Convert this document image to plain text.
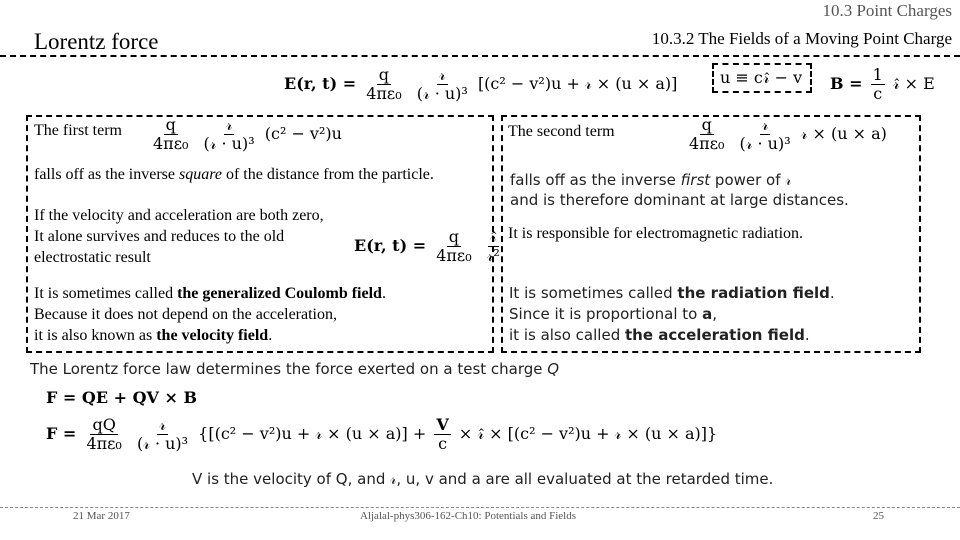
10.3 Point Charges
10.3.2 The Fields of a Moving Point Charge
Lorentz force
E(r, $t) = \frac{q}{\text{4πε₀}}$
$\frac{\text{𝓇}}{\text{(𝓇 · u)³}} [(c^2 - v^2)u$ + 𝓇 × (u × a)]	u ≡ c𝓇̂ − v $B = \frac{1}{c}$ 𝓇̂ × E
The first term $\frac{q}{\text{4πε₀}}$
$\frac{\text{𝓇}}{\text{(𝓇 · u)³}} (c^2 - v^2)u$
falls off as the inverse square of the distance from the particle.
If the velocity and acceleration are both zero,
It alone survives and reduces to the old
electrostatic result
E(r, $t) = \frac{q}{\text{4πε₀}}$
$\frac{\text{𝓇̂}}{\text{𝓇²}}$
It is sometimes called the generalized Coulomb field.
Because it does not depend on the acceleration,
it is also known as the velocity field.
The second term	$\frac{q}{\text{4πε₀}}$
$\frac{\text{𝓇}}{\text{(𝓇 · u)³}}$ 𝓇 × (u × a)
falls off as the inverse first power of 𝓇
and is therefore dominant at large distances.
It is responsible for electromagnetic radiation.
It is sometimes called the radiation field.
Since it is proportional to a,
it is also called the acceleration field.
The Lorentz force law determines the force exerted on a test charge Q
F = QE + QV × B
$F = \frac{qQ}{\text{4πε₀}}$
$\frac{\text{𝓇}}{\text{(𝓇 · u)³}} \{[(c^2 - v^2)u$ + 𝓇 × $(u \times a)] + \frac{V}{c}$ × 𝓇̂ × [(c² − v²)u + 𝓇 × (u × a)]}
V is the velocity of Q, and 𝓇, u, v and a are all evaluated at the retarded time.
21 Mar 2017	Aljalal-phys306-162-Ch10: Potentials and Fields	25
